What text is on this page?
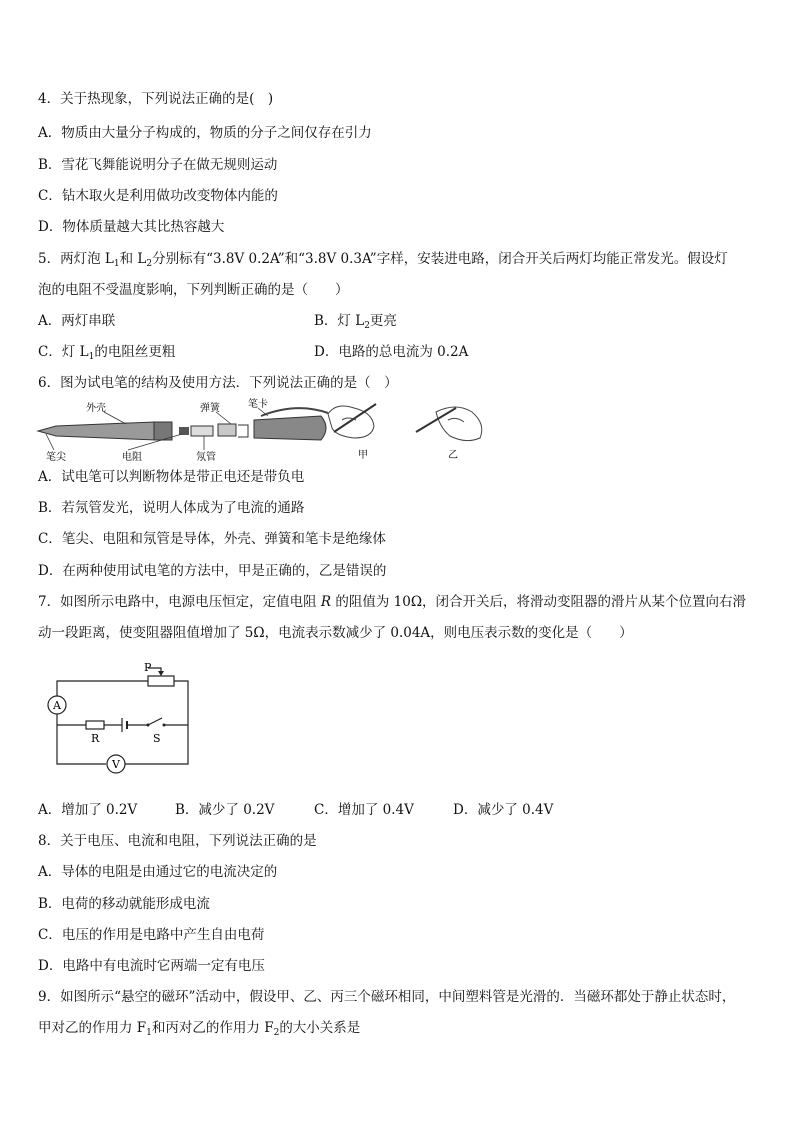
4．关于热现象，下列说法正确的是(　)
A．物质由大量分子构成的，物质的分子之间仅存在引力
B．雪花飞舞能说明分子在做无规则运动
C．钻木取火是利用做功改变物体内能的
D．物体质量越大其比热容越大
5．两灯泡 $L_1$和 $L_2$分别标有“3.8V 0.2A”和“3.8V 0.3A”字样，安装进电路，闭合开关后两灯均能正常发光。假设灯
泡的电阻不受温度影响，下列判断正确的是（　　）
A．两灯串联	B．灯 $L_2$更亮
C．灯 $L_1$的电阻丝更粗	D．电路的总电流为 0.2A
6．图为试电笔的结构及使用方法．下列说法正确的是（　）
外壳	弹簧	笔卡
笔尖	电阻	氖管	甲	乙
A．试电笔可以判断物体是带正电还是带负电
B．若氖管发光，说明人体成为了电流的通路
C．笔尖、电阻和氖管是导体，外壳、弹簧和笔卡是绝缘体
D．在两种使用试电笔的方法中，甲是正确的，乙是错误的
7．如图所示电路中，电源电压恒定，定值电阻 R 的阻值为 10Ω，闭合开关后，将滑动变阻器的滑片从某个位置向右滑
动一段距离，使变阻器阻值增加了 5Ω，电流表示数减少了 0.04A，则电压表示数的变化是（　　）
P
A
R	S
V
A．增加了 0.2V	B．减少了 0.2V	C．增加了 0.4V	D．减少了 0.4V
8．关于电压、电流和电阻，下列说法正确的是
A．导体的电阻是由通过它的电流决定的
B．电荷的移动就能形成电流
C．电压的作用是电路中产生自由电荷
D．电路中有电流时它两端一定有电压
9．如图所示“悬空的磁环”活动中，假设甲、乙、丙三个磁环相同，中间塑料管是光滑的．当磁环都处于静止状态时，
甲对乙的作用力 $F_1$和丙对乙的作用力 $F_2$的大小关系是
